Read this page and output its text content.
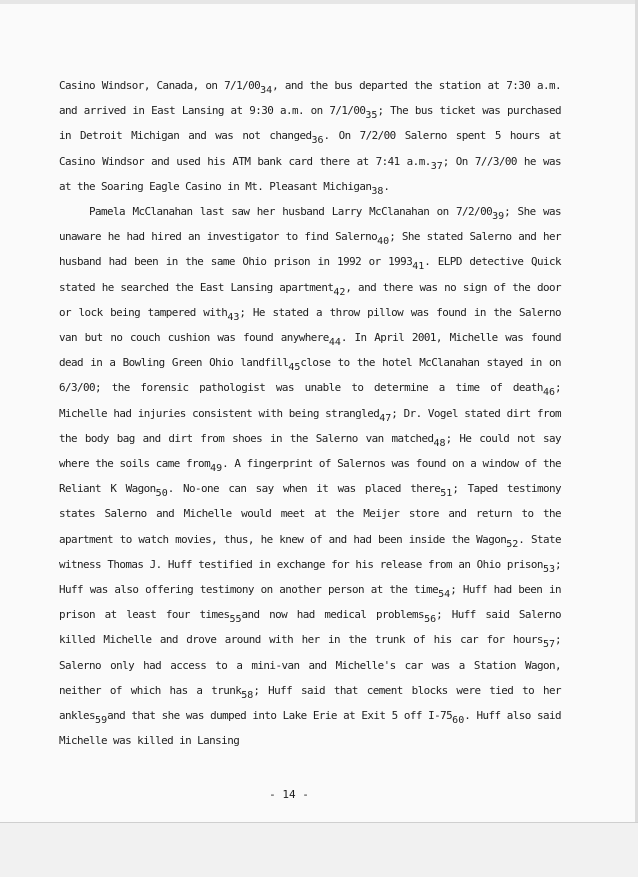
Casino Windsor, Canada, on $7/1/00_{34}$, and the bus departed the station at 7:30 a.m. and arrived in East Lansing at 9:30 a.m. on $7/1/00_{35}$; The bus ticket was purchased in Detroit Michigan and was not changed$_{36}$. On 7/2/00 Salerno spent 5 hours at Casino Windsor and used his ATM bank card there at 7:41 $a.m._{37}$; On 7//3/00 he was at the Soaring Eagle Casino in Mt. Pleasant Michigan$_{38}$.

Pamela McClanahan last saw her husband Larry McClanahan on $7/2/00_{39}$; She was unaware he had hired an investigator to find Salerno$_{40}$; She stated Salerno and her husband had been in the same Ohio prison in 1992 or $1993_{41}$. ELPD detective Quick stated he searched the East Lansing apartment$_{42}$, and there was no sign of the door or lock being tampered with$_{43}$; He stated a throw pillow was found in the Salerno van but no couch cushion was found anywhere$_{44}$. In April 2001, Michelle was found dead in a Bowling Green Ohio landfill$_{45}$close to the hotel McClanahan stayed in on 6/3/00; the forensic pathologist was unable to determine a time of death$_{46}$; Michelle had injuries consistent with being strangled$_{47}$; Dr. Vogel stated dirt from the body bag and dirt from shoes in the Salerno van matched$_{48}$; He could not say where the soils came from$_{49}$. A fingerprint of Salernos was found on a window of the Reliant K Wagon$_{50}$. No-one can say when it was placed there$_{51}$; Taped testimony states Salerno and Michelle would meet at the Meijer store and return to the apartment to watch movies, thus, he knew of and had been inside the Wagon$_{52}$. State witness Thomas J. Huff testified in exchange for his release from an Ohio prison$_{53}$; Huff was also offering testimony on another person at the time$_{54}$; Huff had been in prison at least four times$_{55}$and now had medical problems$_{56}$; Huff said Salerno killed Michelle and drove around with her in the trunk of his car for hours$_{57}$; Salerno only had access to a mini-van and Michelle's car was a Station Wagon, neither of which has a trunk$_{58}$; Huff said that cement blocks were tied to her ankles$_{59}$and that she was dumped into Lake Erie at Exit 5 off $I-75_{60}$. Huff also said Michelle was killed in Lansing

- 14 -
